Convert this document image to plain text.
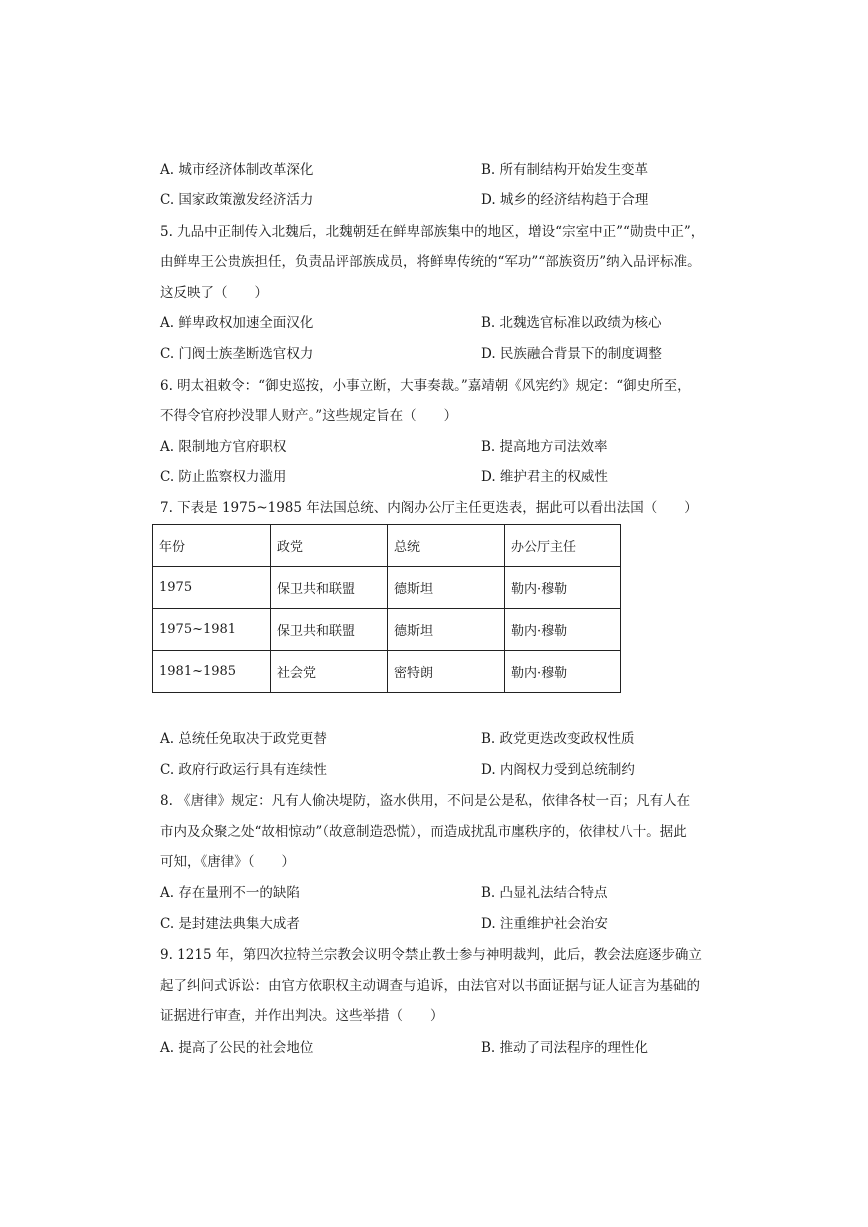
A. 城市经济体制改革深化	B. 所有制结构开始发生变革
C. 国家政策激发经济活力	D. 城乡的经济结构趋于合理
5. 九品中正制传入北魏后，北魏朝廷在鲜卑部族集中的地区，增设“宗室中正”“勋贵中正”，
由鲜卑王公贵族担任，负责品评部族成员，将鲜卑传统的“军功”“部族资历”纳入品评标准。
这反映了（　　）
A. 鲜卑政权加速全面汉化	B. 北魏选官标准以政绩为核心
C. 门阀士族垄断选官权力	D. 民族融合背景下的制度调整
6. 明太祖敕令：“御史巡按，小事立断，大事奏裁。”嘉靖朝《风宪约》规定：“御史所至，
不得令官府抄没罪人财产。”这些规定旨在（　　）
A. 限制地方官府职权	B. 提高地方司法效率
C. 防止监察权力滥用	D. 维护君主的权威性
7. 下表是 1975~1985 年法国总统、内阁办公厅主任更迭表，据此可以看出法国（　　）
年份	政党	总统	办公厅主任
1975	保卫共和联盟	德斯坦	勒内·穆勒
1975~1981	保卫共和联盟	德斯坦	勒内·穆勒
1981~1985	社会党	密特朗	勒内·穆勒
A. 总统任免取决于政党更替	B. 政党更迭改变政权性质
C. 政府行政运行具有连续性	D. 内阁权力受到总统制约
8. 《唐律》规定：凡有人偷决堤防，盗水供用，不问是公是私，依律各杖一百；凡有人在
市内及众聚之处“故相惊动”（故意制造恐慌），而造成扰乱市廛秩序的，依律杖八十。据此
可知，《唐律》（　　）
A. 存在量刑不一的缺陷	B. 凸显礼法结合特点
C. 是封建法典集大成者	D. 注重维护社会治安
9. 1215 年，第四次拉特兰宗教会议明令禁止教士参与神明裁判，此后，教会法庭逐步确立
起了纠问式诉讼：由官方依职权主动调查与追诉，由法官对以书面证据与证人证言为基础的
证据进行审查，并作出判决。这些举措（　　）
A. 提高了公民的社会地位	B. 推动了司法程序的理性化
